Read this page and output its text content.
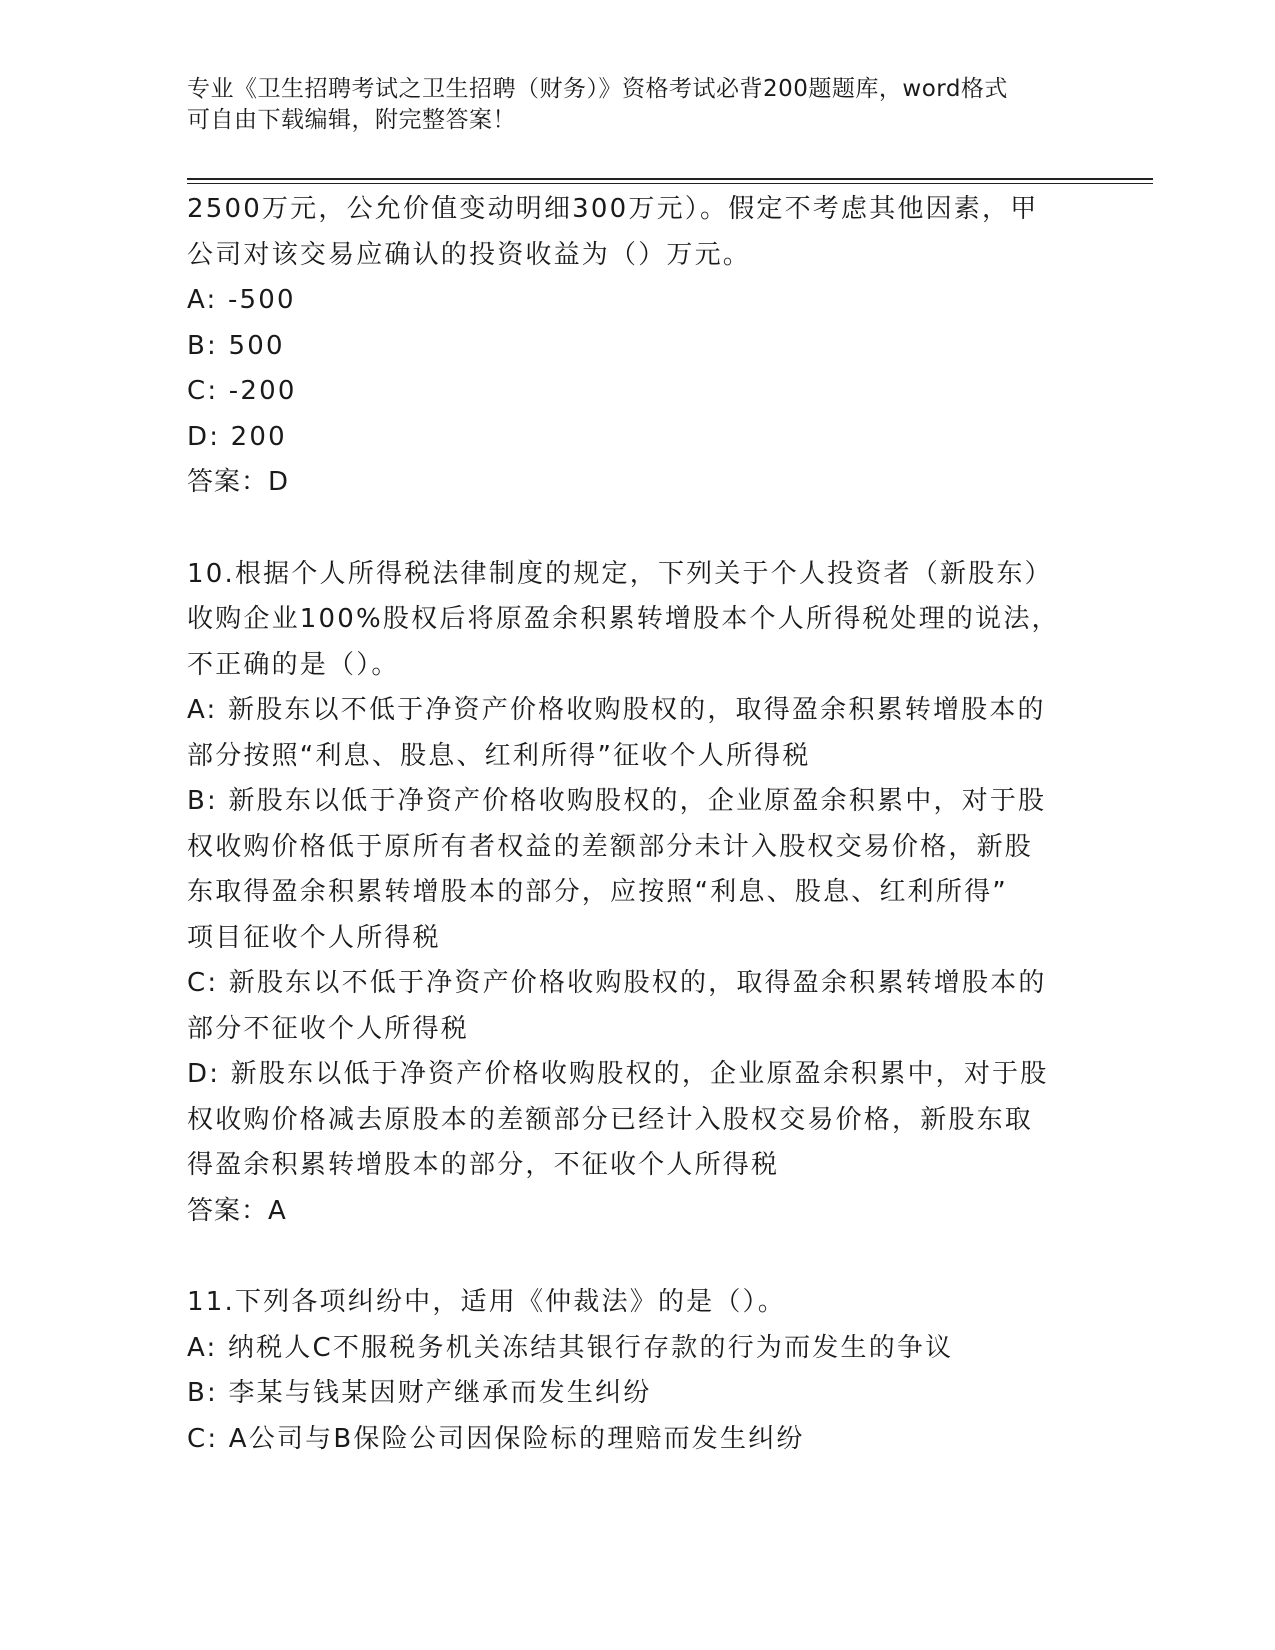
专业《卫生招聘考试之卫生招聘（财务）》资格考试必背200题题库，word格式
可自由下载编辑，附完整答案！
2500万元，公允价值变动明细300万元）。假定不考虑其他因素，甲
公司对该交易应确认的投资收益为（）万元。
A: -500
B: 500
C: -200
D: 200
答案：D
10.根据个人所得税法律制度的规定，下列关于个人投资者（新股东）
收购企业100%股权后将原盈余积累转增股本个人所得税处理的说法，
不正确的是（）。
A: 新股东以不低于净资产价格收购股权的，取得盈余积累转增股本的
部分按照“利息、股息、红利所得”征收个人所得税
B: 新股东以低于净资产价格收购股权的，企业原盈余积累中，对于股
权收购价格低于原所有者权益的差额部分未计入股权交易价格，新股
东取得盈余积累转增股本的部分，应按照“利息、股息、红利所得”
项目征收个人所得税
C: 新股东以不低于净资产价格收购股权的，取得盈余积累转增股本的
部分不征收个人所得税
D: 新股东以低于净资产价格收购股权的，企业原盈余积累中，对于股
权收购价格减去原股本的差额部分已经计入股权交易价格，新股东取
得盈余积累转增股本的部分，不征收个人所得税
答案：A
11.下列各项纠纷中，适用《仲裁法》的是（）。
A: 纳税人C不服税务机关冻结其银行存款的行为而发生的争议
B: 李某与钱某因财产继承而发生纠纷
C: A公司与B保险公司因保险标的理赔而发生纠纷
